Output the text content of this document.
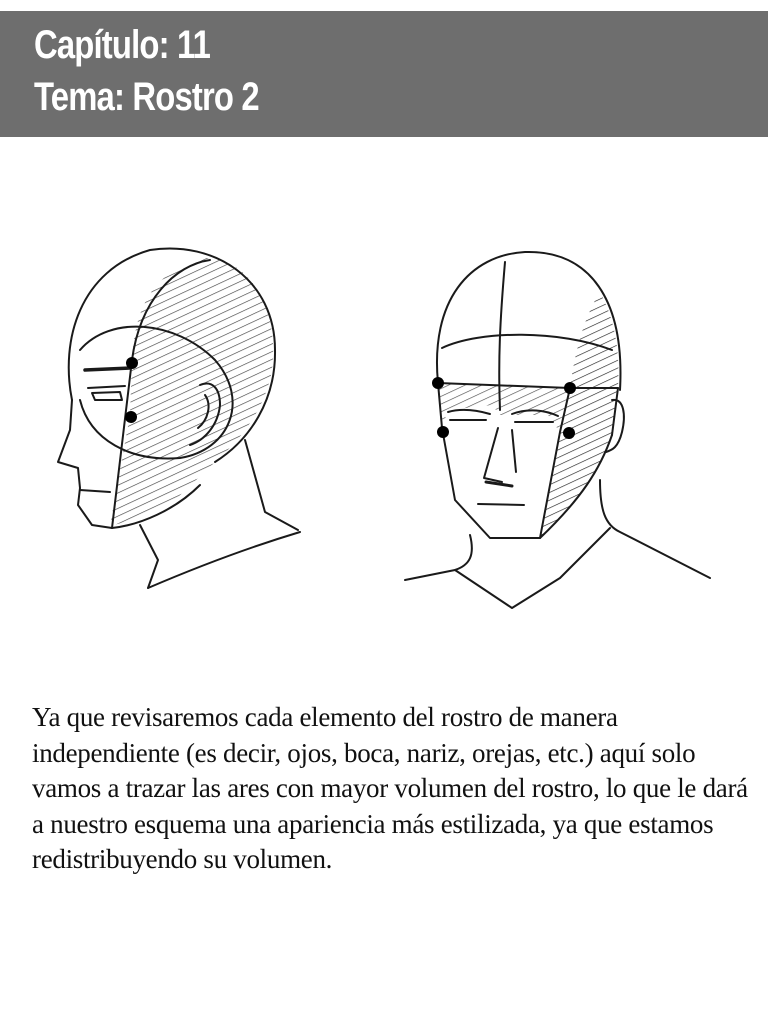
Capítulo: 11
Tema: Rostro 2

Ya que revisaremos cada elemento del rostro de manera independiente (es decir, ojos, boca, nariz, orejas, etc.) aquí solo vamos a trazar las ares con mayor volumen del rostro, lo que le dará a nuestro esquema una apariencia más estilizada, ya que estamos redistribuyendo su volumen.
